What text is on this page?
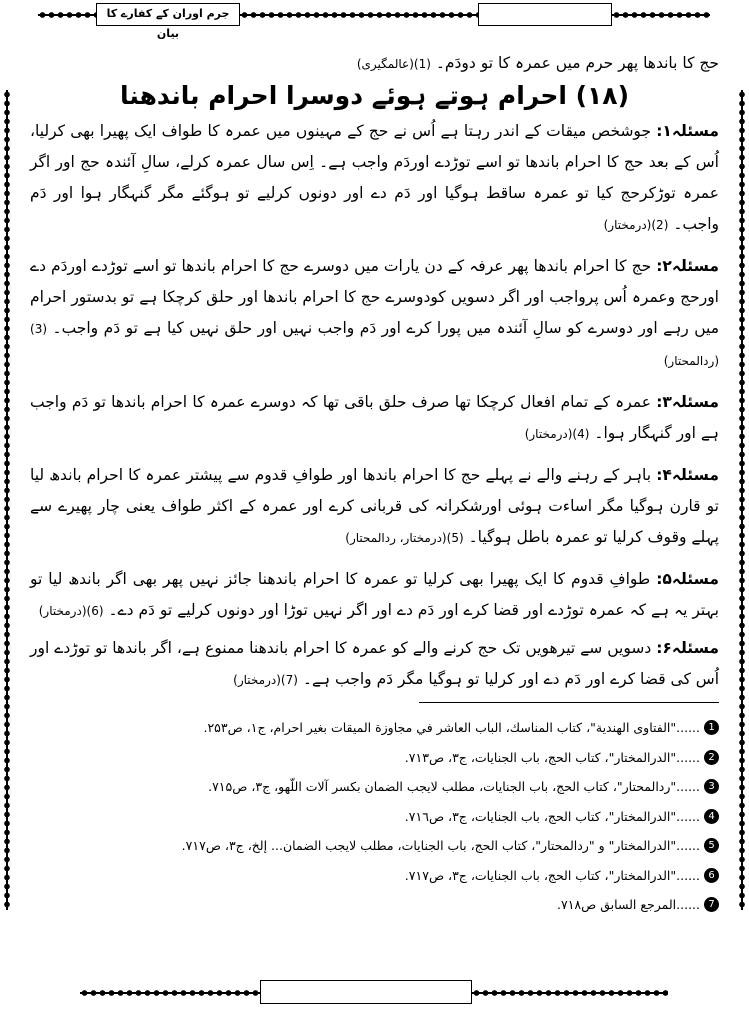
جرم اوران کے کفارے کا بیان

حج کا باندھا پھر حرم میں عمرہ کا تو دودَم۔ (1)(عالمگیری)

(۱۸) احرام ہوتے ہوئے دوسرا احرام باندھنا

مسئلہ۱: جوشخص میقات کے اندر رہتا ہے اُس نے حج کے مہینوں میں عمرہ کا طواف ایک پھیرا بھی کرلیا، اُس کے بعد حج کا احرام باندھا تو اسے توڑدے اوردَم واجب ہے۔ اِس سال عمرہ کرلے، سالِ آئندہ حج اور اگر عمرہ توڑکرحج کیا تو عمرہ ساقط ہوگیا اور دَم دے اور دونوں کرلیے تو ہوگئے مگر گنہگار ہوا اور دَم واجب۔ (2)(درمختار)

مسئلہ۲: حج کا احرام باندھا پھر عرفہ کے دن یارات میں دوسرے حج کا احرام باندھا تو اسے توڑدے اوردَم دے اورحج وعمرہ اُس پرواجب اور اگر دسویں کودوسرے حج کا احرام باندھا اور حلق کرچکا ہے تو بدستور احرام میں رہے اور دوسرے کو سالِ آئندہ میں پورا کرے اور دَم واجب نہیں اور حلق نہیں کیا ہے تو دَم واجب۔ (3)(ردالمحتار)

مسئلہ۳: عمرہ کے تمام افعال کرچکا تھا صرف حلق باقی تھا کہ دوسرے عمرہ کا احرام باندھا تو دَم واجب ہے اور گنہگار ہوا۔ (4)(درمختار)

مسئلہ۴: باہر کے رہنے والے نے پہلے حج کا احرام باندھا اور طوافِ قدوم سے پیشتر عمرہ کا احرام باندھ لیا تو قارن ہوگیا مگر اساءت ہوئی اورشکرانہ کی قربانی کرے اور عمرہ کے اکثر طواف یعنی چار پھیرے سے پہلے وقوف کرلیا تو عمرہ باطل ہوگیا۔ (5)(درمختار، ردالمحتار)

مسئلہ۵: طوافِ قدوم کا ایک پھیرا بھی کرلیا تو عمرہ کا احرام باندھنا جائز نہیں پھر بھی اگر باندھ لیا تو بہتر یہ ہے کہ عمرہ توڑدے اور قضا کرے اور دَم دے اور اگر نہیں توڑا اور دونوں کرلیے تو دَم دے۔ (6)(درمختار)

مسئلہ۶: دسویں سے تیرھویں تک حج کرنے والے کو عمرہ کا احرام باندھنا ممنوع ہے، اگر باندھا تو توڑدے اور اُس کی قضا کرے اور دَم دے اور کرلیا تو ہوگیا مگر دَم واجب ہے۔ (7)(درمختار)

1
......"الفتاوى الهندية"، كتاب المناسك، الباب العاشر في مجاوزة الميقات بغير احرام، ج۱، ص۲۵۳.

2
......"الدرالمختار"، كتاب الحج، باب الجنايات، ج۳، ص۷۱۳.

3
......"ردالمحتار"، كتاب الحج، باب الجنايات، مطلب لايجب الضمان بكسر آلات اللّهو، ج۳، ص۷۱۵.

4
......"الدرالمختار"، كتاب الحج، باب الجنايات، ج۳، ص۷۱٦.

5
......"الدرالمختار" و "ردالمحتار"، كتاب الحج، باب الجنايات، مطلب لايجب الضمان... إلخ، ج۳، ص۷۱۷.

6
......"الدرالمختار"، كتاب الحج، باب الجنايات، ج۳، ص۷۱۷.

7
......المرجع السابق ص۷۱۸.
